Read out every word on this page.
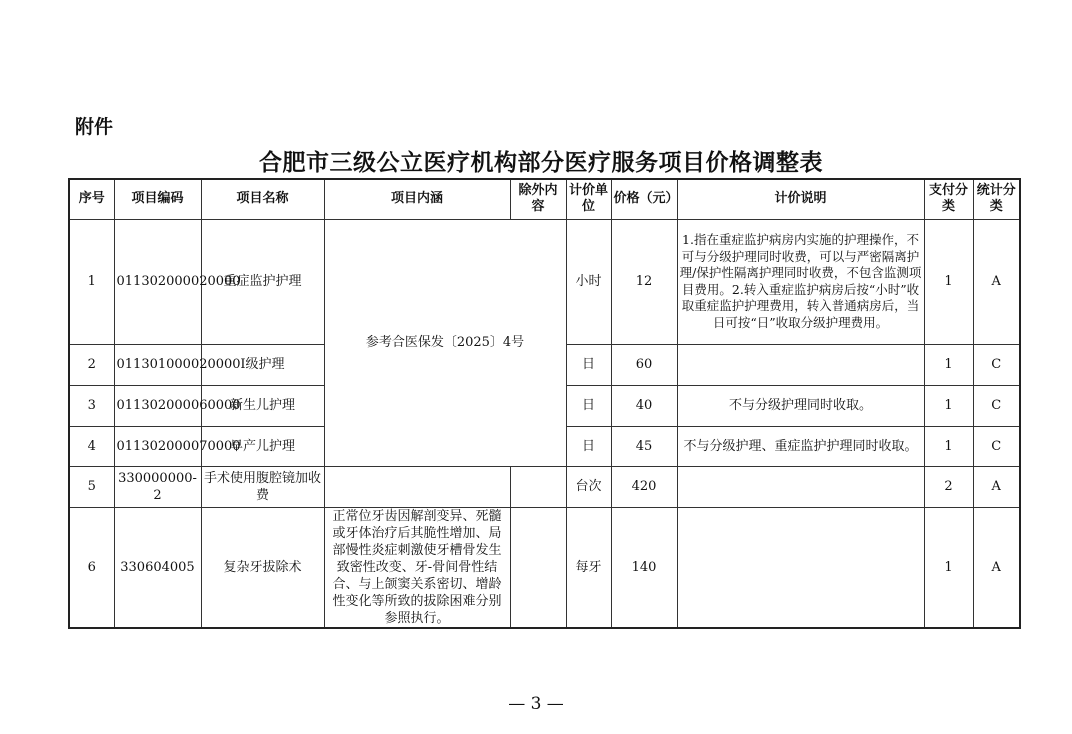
附件
合肥市三级公立医疗机构部分医疗服务项目价格调整表
序号	项目编码	项目名称	项目内涵	除外内容	计价单位	价格（元）	计价说明	支付分类	统计分类
1	011302000020000	重症监护护理	参考合医保发〔2025〕4号		小时	12	1.指在重症监护病房内实施的护理操作，不可与分级护理同时收费，可以与严密隔离护理/保护性隔离护理同时收费，不包含监测项目费用。2.转入重症监护病房后按“小时”收取重症监护护理费用，转入普通病房后，当日可按“日”收取分级护理费用。	1	A
2	011301000020000	Ⅰ级护理			日	60		1	C
3	011302000060000	新生儿护理			日	40	不与分级护理同时收取。	1	C
4	011302000070000	早产儿护理			日	45	不与分级护理、重症监护护理同时收取。	1	C
5	330000000-2	手术使用腹腔镜加收费			台次	420		2	A
6	330604005	复杂牙拔除术	正常位牙齿因解剖变异、死髓或牙体治疗后其脆性增加、局部慢性炎症刺激使牙槽骨发生致密性改变、牙-骨间骨性结合、与上颌窦关系密切、增龄性变化等所致的拔除困难分别参照执行。		每牙	140		1	A
— 3 —
